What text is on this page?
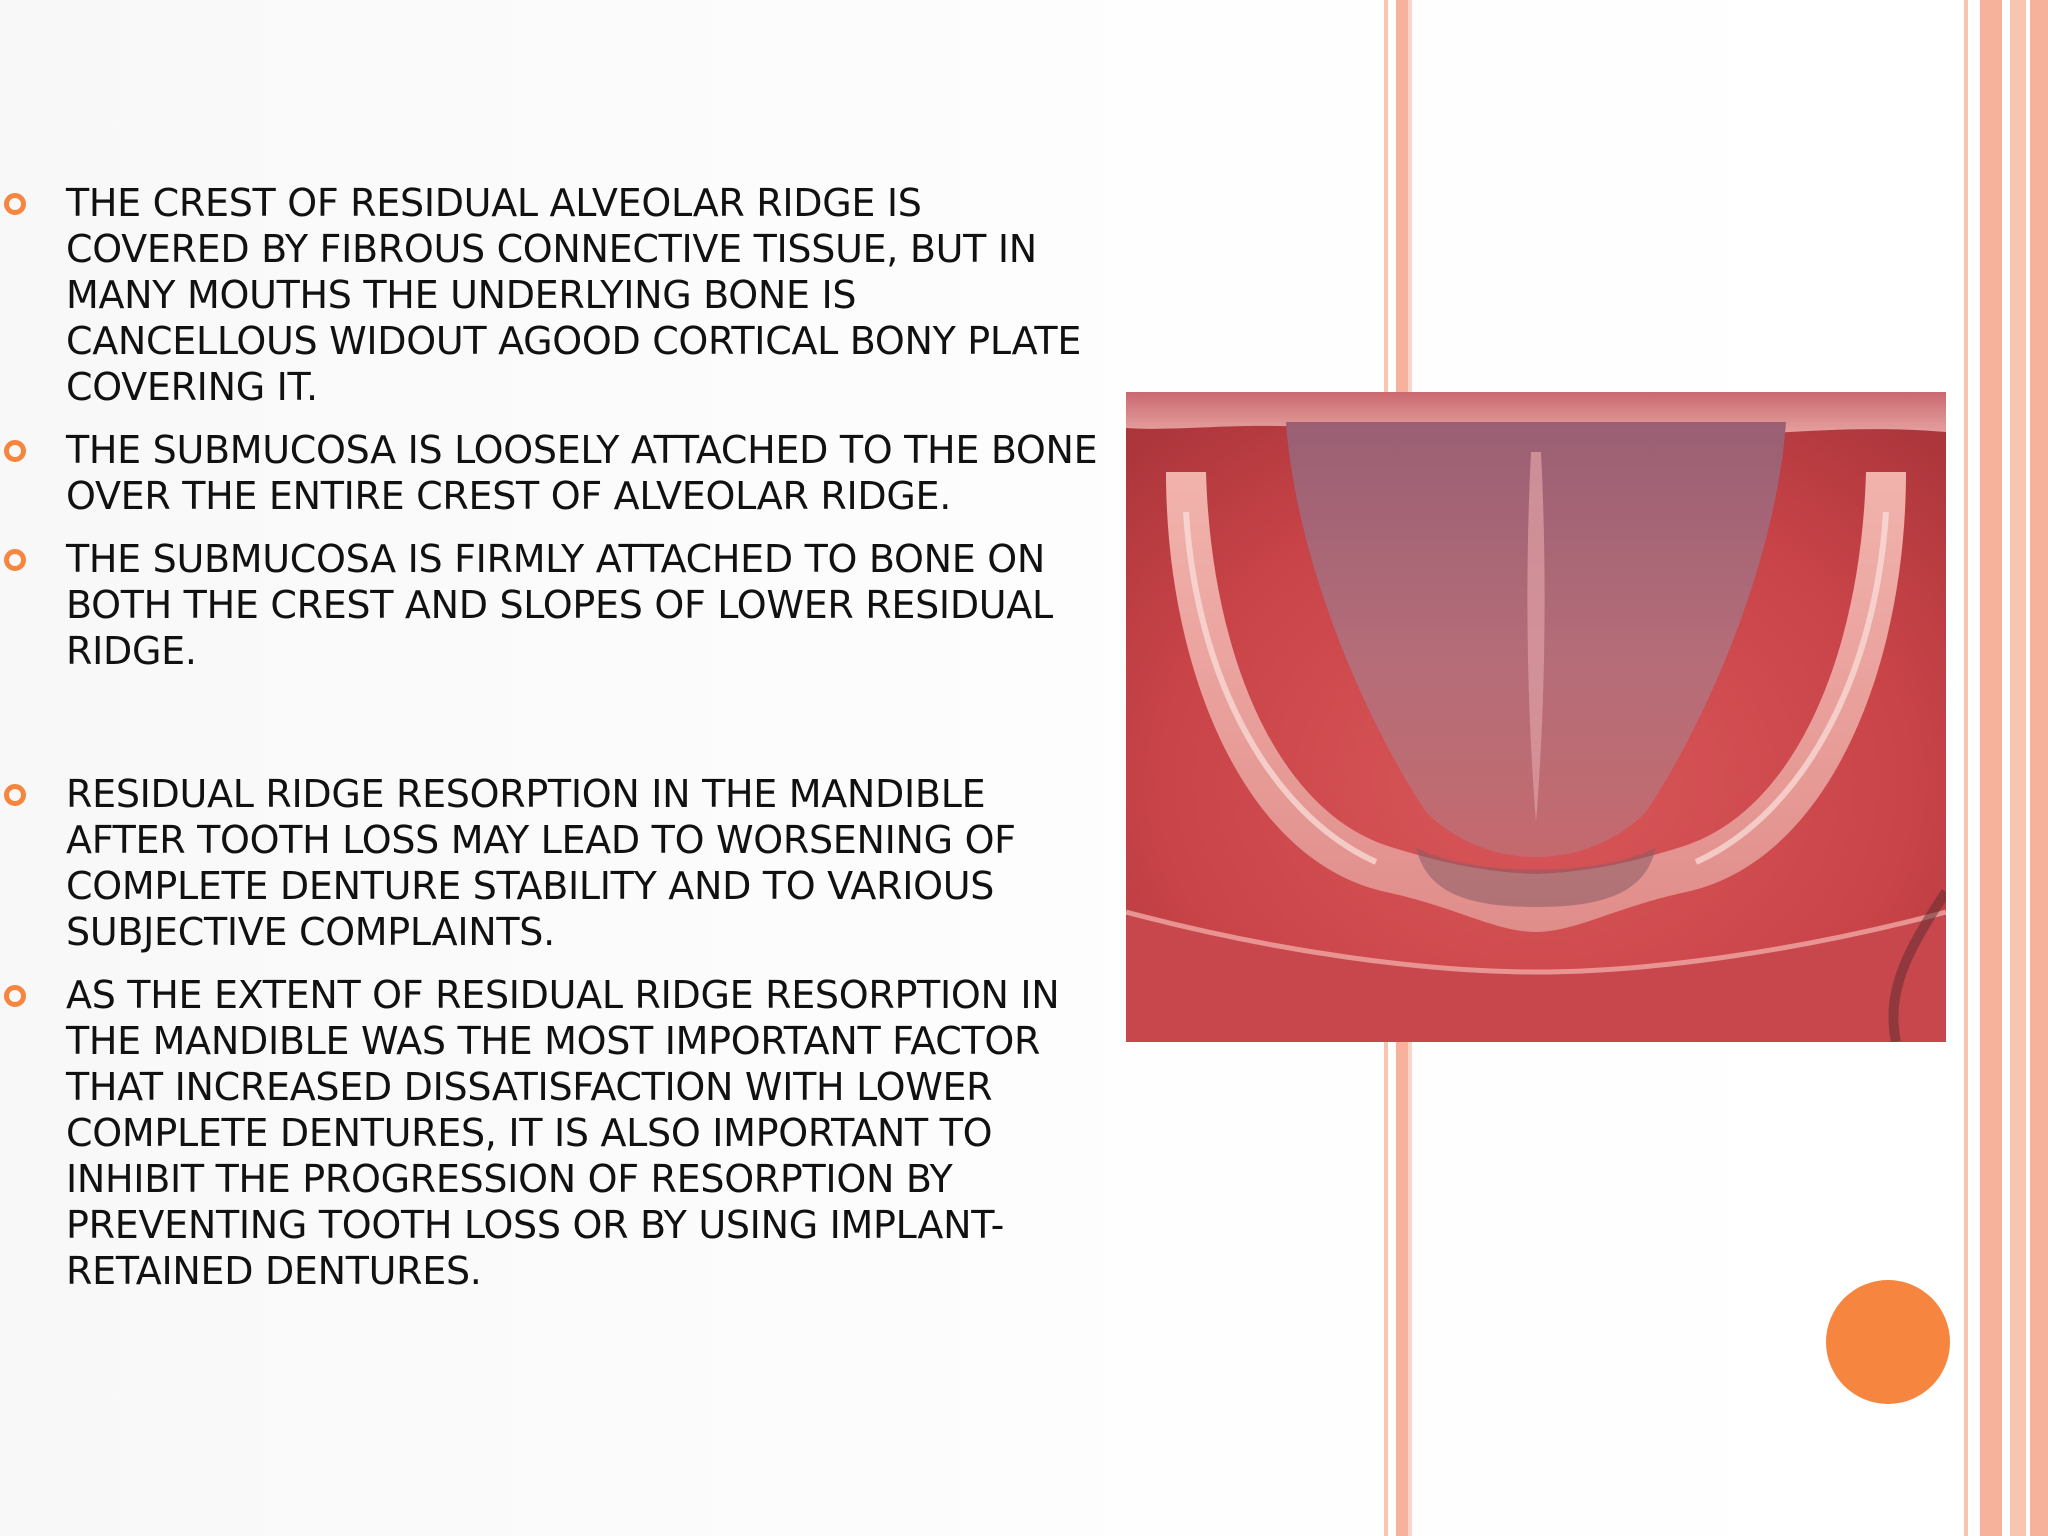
THE CREST OF RESIDUAL ALVEOLAR RIDGE IS COVERED BY FIBROUS CONNECTIVE TISSUE, BUT IN MANY MOUTHS THE UNDERLYING BONE IS CANCELLOUS WIDOUT AGOOD CORTICAL BONY PLATE COVERING IT.
THE SUBMUCOSA IS LOOSELY ATTACHED TO THE BONE OVER THE ENTIRE CREST OF ALVEOLAR RIDGE.
THE SUBMUCOSA IS FIRMLY ATTACHED TO BONE ON BOTH THE CREST AND SLOPES OF LOWER RESIDUAL RIDGE.
RESIDUAL RIDGE RESORPTION IN THE MANDIBLE AFTER TOOTH LOSS MAY LEAD TO WORSENING OF COMPLETE DENTURE STABILITY AND TO VARIOUS SUBJECTIVE COMPLAINTS.
AS THE EXTENT OF RESIDUAL RIDGE RESORPTION IN THE MANDIBLE WAS THE MOST IMPORTANT FACTOR THAT INCREASED DISSATISFACTION WITH LOWER COMPLETE DENTURES, IT IS ALSO IMPORTANT TO INHIBIT THE PROGRESSION OF RESORPTION BY PREVENTING TOOTH LOSS OR BY USING IMPLANT-RETAINED DENTURES.
